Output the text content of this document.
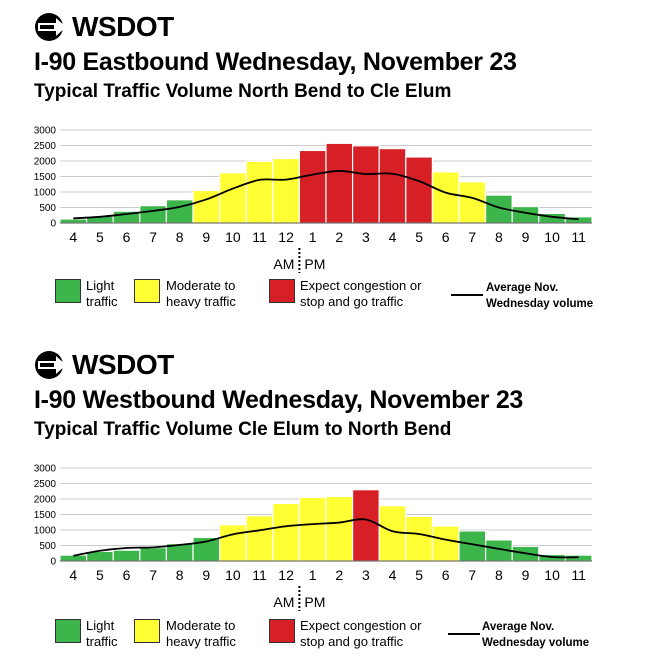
WSDOT
I-90 Eastbound Wednesday, November 23
Typical Traffic Volume North Bend to Cle Elum
0
500
1000
1500
2000
2500
3000
4 5 6 7 8 9 10 11 12 1 2 3 4 5 6 7 8 9 10 11
AM PM
Light
traffic
Moderate to
heavy traffic
Expect congestion or
stop and go traffic
Average Nov.
Wednesday volume
WSDOT
I-90 Westbound Wednesday, November 23
Typical Traffic Volume Cle Elum to North Bend
0
500
1000
1500
2000
2500
3000
4 5 6 7 8 9 10 11 12 1 2 3 4 5 6 7 8 9 10 11
AM PM
Light
traffic
Moderate to
heavy traffic
Expect congestion or
stop and go traffic
Average Nov.
Wednesday volume
